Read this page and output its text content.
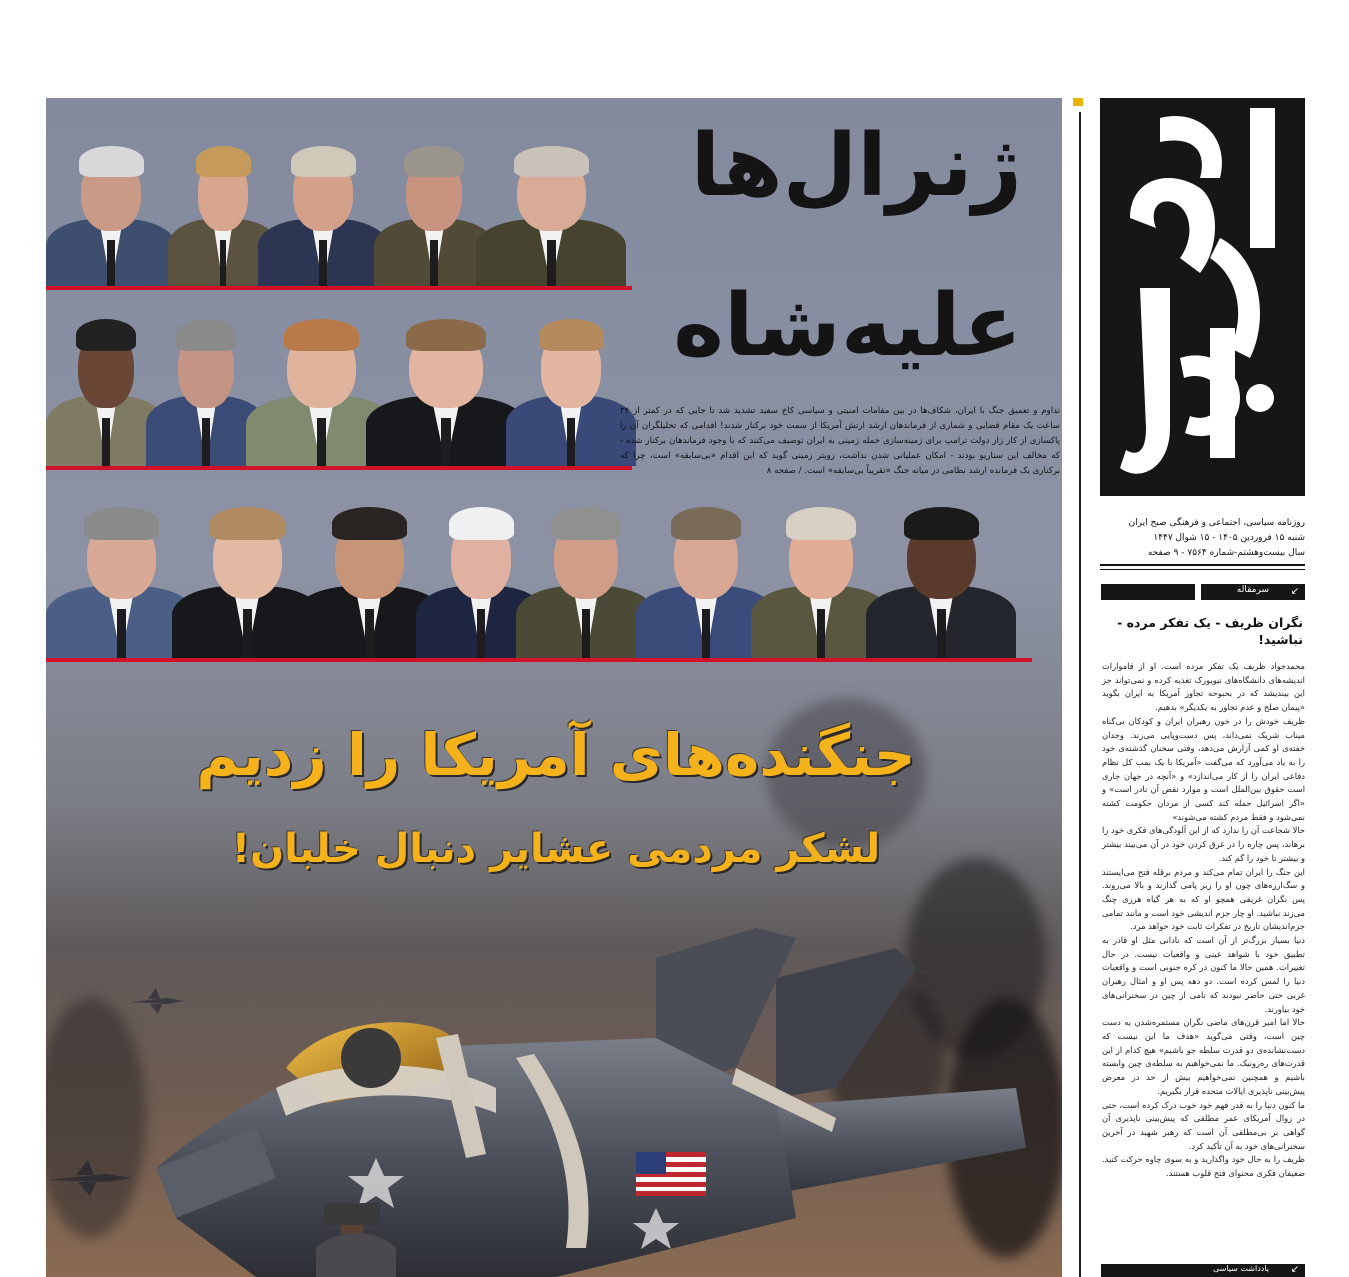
ژنرال‌ها
علیه‌شاه
تداوم و تعمیق جنگ با ایران، شکاف‌ها در بین مقامات امنیتی و سیاسی کاخ سفید تشدید شد تا جایی که در کمتر از ۲۴ ساعت یک مقام قضایی و شماری از فرماندهان ارشد ارتش آمریکا از سمت خود برکنار شدند! اقدامی که تحلیلگران آن را پاکسازی از کار زار دولت ترامپ برای زمینه‌سازی حمله زمینی به ایران توصیف می‌کنند که با وجود فرماندهان برکنار شده - که مخالف این سناریو بودند - امکان عملیاتی شدن نداشت، رویتر زمینی گوید که این اقدام «بی‌سابقه» است، چرا که برکناری یک فرمانده ارشد نظامی در میانه جنگ «تقریباً بی‌سابقه» است. / صفحه ۸
جنگنده‌های آمریکا را زدیم
لشکر مردمی عشایر دنبال خلبان!
روزنامه سیاسی، اجتماعی و فرهنگی صبح ایران
شنبه ۱۵ فروردین ۱۴۰۵ - ۱۵ شوال ۱۴۴۷
سال بیست‌وهشتم-شماره ۷۵۶۴ - ۹ صفحه
سرمقاله ↙
نگران ظریف - یک تفکر مرده - نباشید!

محمدجواد ظریف یک تفکر مرده است. او از قاموارات اندیشه‌های دانشگاه‌های نیویورک تغذیه کرده و نمی‌تواند جز این بیندیشد که در بحبوحه تجاوز آمریکا به ایران بگوید «پیمان صلح و عدم تجاوز به یکدیگر» بدهیم.

ظریف خودش را در خون رهبران ایران و کودکان بی‌گناه میناب شریک نمی‌داند، پس دست‌وپایی می‌زند. وجدان خفته‌ی او کمی آزارش می‌دهد، وقتی سخنان گذشته‌ی خود را به یاد می‌آورد که می‌گفت «آمریکا با یک بمب کل نظام دفاعی ایران را از کار می‌اندازد» و «آنچه در جهان جاری است حقوق بین‌الملل است و موارد نقض آن نادر است» و «اگر اسرائیل حمله کند کسی از مردان حکومت کشته نمی‌شود و فقط مردم کشته می‌شوند»

حالا شجاعت آن را ندارد که از این آلودگی‌های فکری خود را برهاند، پس چاره را در غرق کردن خود در آن می‌بیند بیشتر و بیشتر تا خود را گم کند.

این جنگ را ایران تمام می‌کند و مردم برقله فتح می‌ایستند و سگ‌ارزه‌های چون او را زیر پامی گذارند و بالا می‌روند. پس نگران غریقی همچو او که به هر گیاه هرزی چنگ می‌زند نباشید. او چار جزم اندیشی خود است و مانند تمامی جزم‌اندیشان تاریخ در تفکرات ثابت خود خواهد مرد.

دنیا بسیار بزرگ‌تر از آن است که نادانی مثل او قادر به تطبیق خود با شواهد عینی و واقعیات نیست. در حال تغییرات. همین حالا ما کنون در کره جنوبی است و واقعیات دنیا را لمس کرده است. دو دهه پس او و امثال رهبران غربی حتی حاضر نبودند که نامی از چین در سخنرانی‌های خود بیاورند.

حالا اما امیر قرن‌های ماضی نگران مستمره‌شدن یه دست چین است، وقتی می‌گوید «هدف ما این نیست که دست‌نشانده‌ی دو قدرت سلطه جو باشیم» هیچ کدام از این قدرت‌های ره‌رونیک. ما نمی‌خواهیم به سلطه‌ی چین وابسته باشیم و همچنین نمی‌خواهیم بیش از حد در معرض پیش‌بینی ناپذیری ایالات متحده قرار بگیریم.

ما کنون دنیا را به قدر فهم خود خوب درک کرده است، حتی در زوال آمریکای عمر مطلقی که پیش‌بینی ناپذیری آن گواهی بر بی‌مطلقی آن است که رهبر شهید در آخرین سخنرانی‌های خود به آن تأکید کرد.

ظریف را به حال خود واگذارید و به سوی چاوه حرکت کنید. ضعیفان فکری محتوای فتح قلوب هستند.

یادداشت سیاسی ↙
